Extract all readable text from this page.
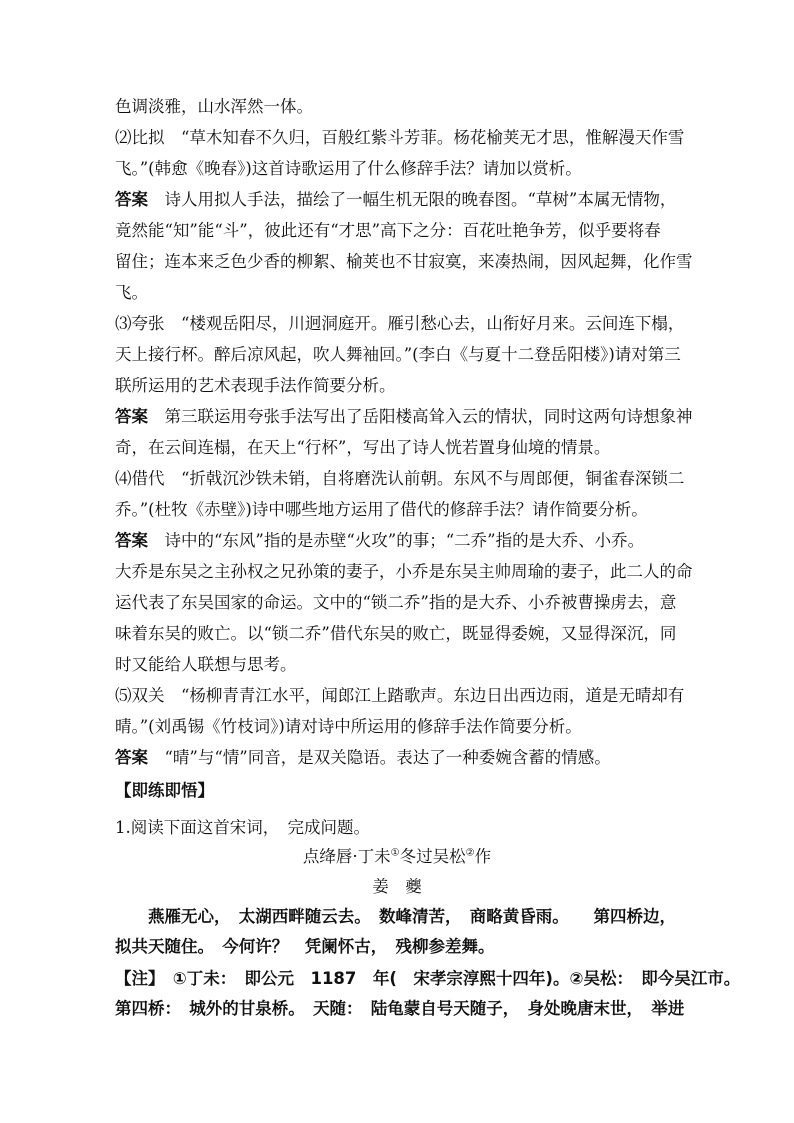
色调淡雅，山水浑然一体。
⑵比拟　“草木知春不久归，百般红紫斗芳菲。杨花榆荚无才思，惟解漫天作雪
飞。”(韩愈《晚春》)这首诗歌运用了什么修辞手法？请加以赏析。
答案　诗人用拟人手法，描绘了一幅生机无限的晚春图。“草树”本属无情物，
竟然能“知”能“斗”，彼此还有“才思”高下之分：百花吐艳争芳，似乎要将春
留住；连本来乏色少香的柳絮、榆荚也不甘寂寞，来凑热闹，因风起舞，化作雪
飞。
⑶夸张　“楼观岳阳尽，川迥洞庭开。雁引愁心去，山衔好月来。云间连下榻，
天上接行杯。醉后凉风起，吹人舞袖回。”(李白《与夏十二登岳阳楼》)请对第三
联所运用的艺术表现手法作简要分析。
答案　第三联运用夸张手法写出了岳阳楼高耸入云的情状，同时这两句诗想象神
奇，在云间连榻，在天上“行杯”，写出了诗人恍若置身仙境的情景。
⑷借代　“折戟沉沙铁未销，自将磨洗认前朝。东风不与周郎便，铜雀春深锁二
乔。”(杜牧《赤壁》)诗中哪些地方运用了借代的修辞手法？请作简要分析。
答案　诗中的“东风”指的是赤壁“火攻”的事；“二乔”指的是大乔、小乔。
大乔是东吴之主孙权之兄孙策的妻子，小乔是东吴主帅周瑜的妻子，此二人的命
运代表了东吴国家的命运。文中的“锁二乔”指的是大乔、小乔被曹操虏去，意
味着东吴的败亡。以“锁二乔”借代东吴的败亡，既显得委婉，又显得深沉，同
时又能给人联想与思考。
⑸双关　“杨柳青青江水平，闻郎江上踏歌声。东边日出西边雨，道是无晴却有
晴。”(刘禹锡《竹枝词》)请对诗中所运用的修辞手法作简要分析。
答案　“晴”与“情”同音，是双关隐语。表达了一种委婉含蓄的情感。
【即练即悟】
1.阅读下面这首宋词，　完成问题。
点绛唇·丁未①冬过吴松②作
姜　夔
　　燕雁无心，　太湖西畔随云去。　数峰清苦，　商略黄昏雨。　　第四桥边，
拟共天随住。　今何许？　凭阑怀古，　残柳参差舞。
【注】　①丁未：　即公元　1187　年(　宋孝宗淳熙十四年)。②吴松：　即今吴江市。
第四桥：　城外的甘泉桥。　天随：　陆龟蒙自号天随子，　身处晚唐末世，　举进
